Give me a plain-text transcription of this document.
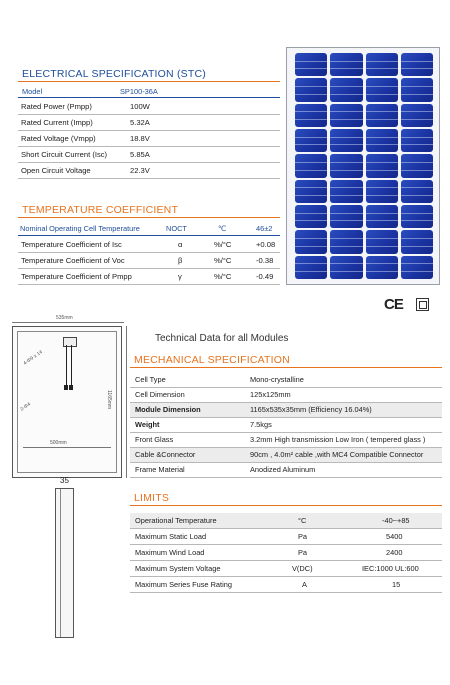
ELECTRICAL SPECIFICATION (STC)
Model	SP100-36A
Rated Power (Pmpp)	100W
Rated Current (Impp)	5.32A
Rated Voltage (Vmpp)	18.8V
Short Circuit Current (Isc)	5.85A
Open Circuit Voltage	22.3V
TEMPERATURE COEFFICIENT
Nominal Operating Cell Temperature	NOCT	℃	46±2
Temperature Coefficient of Isc	α	%/°C	+0.08
Temperature Coefficient of Voc	β	%/°C	-0.38
Temperature Coefficient of Pmpp	γ	%/°C	-0.49
CE
535mm
4-Φ9 x 14
2-Φ4
500mm
1165mm
35
Technical Data for all Modules
MECHANICAL SPECIFICATION
Cell Type	Mono-crystalline
Cell Dimension	125x125mm
Module Dimension	1165x535x35mm (Efficiency 16.04%)
Weight	7.5kgs
Front Glass	3.2mm High transmission Low Iron ( tempered glass )
Cable &Connector	90cm , 4.0m² cable ,with MC4 Compatible Connector
Frame Material	Anodized Aluminum
LIMITS
Operational Temperature	°C	-40~+85
Maximum Static Load	Pa	5400
Maximum Wind Load	Pa	2400
Maximum System Voltage	V(DC)	IEC:1000 UL:600
Maximum Series Fuse Rating	A	15
